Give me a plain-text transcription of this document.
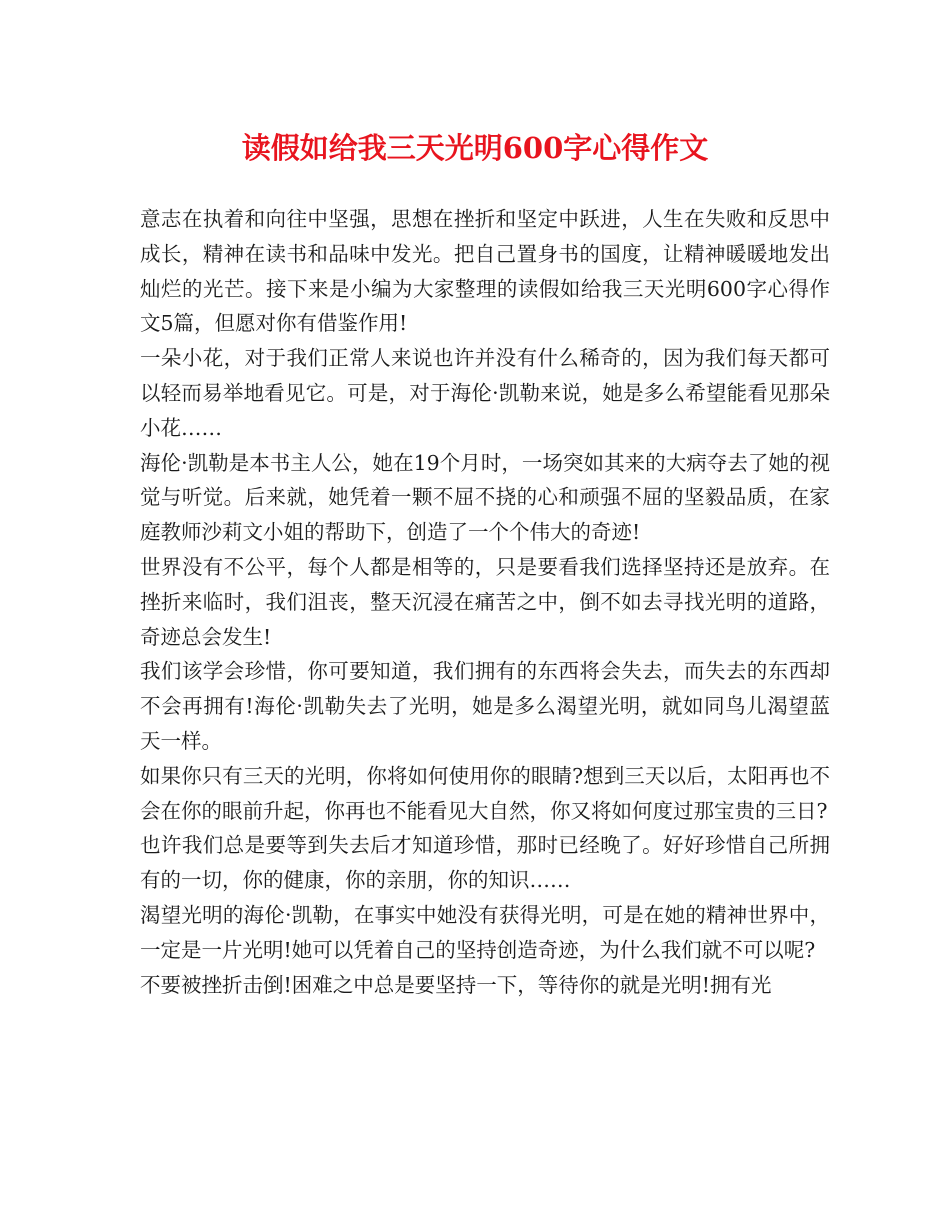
读假如给我三天光明600字心得作文

意志在执着和向往中坚强，思想在挫折和坚定中跃进，人生在失败和反思中成长，精神在读书和品味中发光。把自己置身书的国度，让精神暖暖地发出灿烂的光芒。接下来是小编为大家整理的读假如给我三天光明600字心得作文5篇，但愿对你有借鉴作用!

一朵小花，对于我们正常人来说也许并没有什么稀奇的，因为我们每天都可以轻而易举地看见它。可是，对于海伦·凯勒来说，她是多么希望能看见那朵小花……

海伦·凯勒是本书主人公，她在19个月时，一场突如其来的大病夺去了她的视觉与听觉。后来就，她凭着一颗不屈不挠的心和顽强不屈的坚毅品质，在家庭教师沙莉文小姐的帮助下，创造了一个个伟大的奇迹!

世界没有不公平，每个人都是相等的，只是要看我们选择坚持还是放弃。在挫折来临时，我们沮丧，整天沉浸在痛苦之中，倒不如去寻找光明的道路，奇迹总会发生!

我们该学会珍惜，你可要知道，我们拥有的东西将会失去，而失去的东西却不会再拥有!海伦·凯勒失去了光明，她是多么渴望光明，就如同鸟儿渴望蓝天一样。

如果你只有三天的光明，你将如何使用你的眼睛?想到三天以后，太阳再也不会在你的眼前升起，你再也不能看见大自然，你又将如何度过那宝贵的三日?

也许我们总是要等到失去后才知道珍惜，那时已经晚了。好好珍惜自己所拥有的一切，你的健康，你的亲朋，你的知识……

渴望光明的海伦·凯勒，在事实中她没有获得光明，可是在她的精神世界中，一定是一片光明!她可以凭着自己的坚持创造奇迹，为什么我们就不可以呢?

不要被挫折击倒!困难之中总是要坚持一下，等待你的就是光明!拥有光
